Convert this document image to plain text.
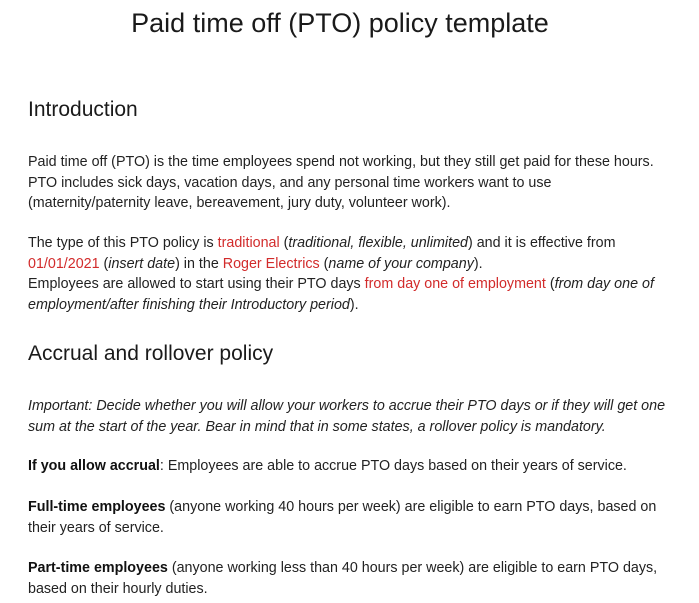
Paid time off (PTO) policy template
Introduction

Paid time off (PTO) is the time employees spend not working, but they still get paid for these hours. PTO includes sick days, vacation days, and any personal time workers want to use (maternity/paternity leave, bereavement, jury duty, volunteer work).

The type of this PTO policy is traditional (traditional, flexible, unlimited) and it is effective from 01/01/2021 (insert date) in the Roger Electrics (name of your company).

Employees are allowed to start using their PTO days from day one of employment (from day one of employment/after finishing their Introductory period).

Accrual and rollover policy

Important: Decide whether you will allow your workers to accrue their PTO days or if they will get one sum at the start of the year. Bear in mind that in some states, a rollover policy is mandatory.

If you allow accrual: Employees are able to accrue PTO days based on their years of service.

Full-time employees (anyone working 40 hours per week) are eligible to earn PTO days, based on their years of service.

Part-time employees (anyone working less than 40 hours per week) are eligible to earn PTO days, based on their hourly duties.
